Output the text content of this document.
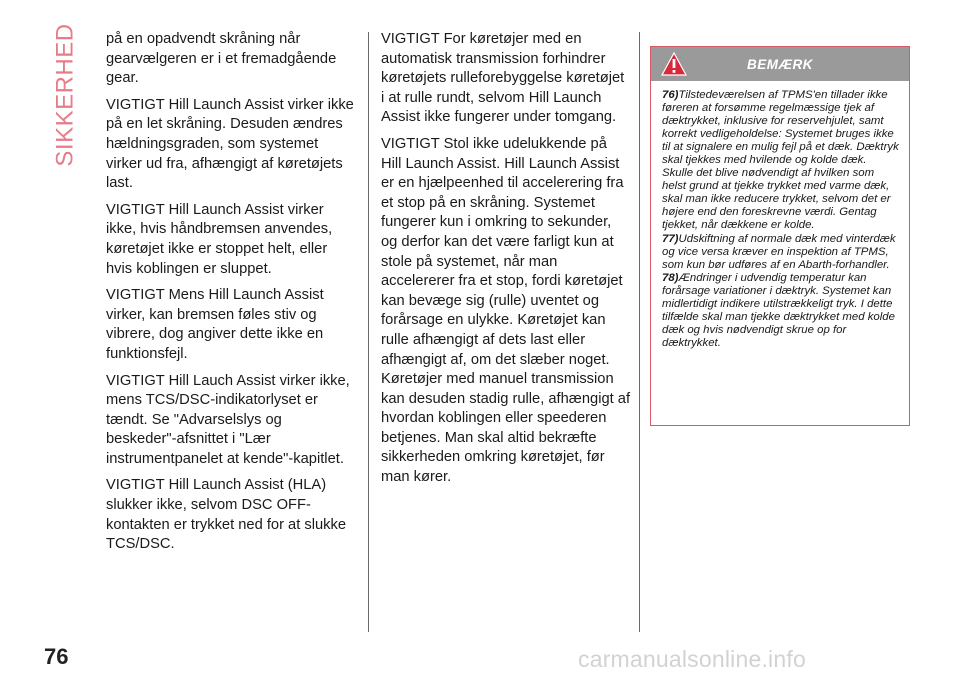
SIKKERHED på en opadvendt skråning når gearvælgeren er i et fremadgående gear.

VIGTIGT Hill Launch Assist virker ikke på en let skråning. Desuden ændres hældningsgraden, som systemet virker ud fra, afhængigt af køretøjets last.

VIGTIGT Hill Launch Assist virker ikke, hvis håndbremsen anvendes, køretøjet ikke er stoppet helt, eller hvis koblingen er sluppet.

VIGTIGT Mens Hill Launch Assist virker, kan bremsen føles stiv og vibrere, dog angiver dette ikke en funktionsfejl.

VIGTIGT Hill Lauch Assist virker ikke, mens TCS/DSC-indikatorlyset er tændt. Se "Advarselslys og beskeder"-afsnittet i "Lær instrumentpanelet at kende"-kapitlet.

VIGTIGT Hill Launch Assist (HLA) slukker ikke, selvom DSC OFF-kontakten er trykket ned for at slukke TCS/DSC.

VIGTIGT For køretøjer med en automatisk transmission forhindrer køretøjets rulleforebyggelse køretøjet i at rulle rundt, selvom Hill Launch Assist ikke fungerer under tomgang.

VIGTIGT Stol ikke udelukkende på Hill Launch Assist. Hill Launch Assist er en hjælpeenhed til accelerering fra et stop på en skråning. Systemet fungerer kun i omkring to sekunder, og derfor kan det være farligt kun at stole på systemet, når man accelererer fra et stop, fordi køretøjet kan bevæge sig (rulle) uventet og forårsage en ulykke. Køretøjet kan rulle afhængigt af dets last eller afhængigt af, om det slæber noget. Køretøjer med manuel transmission kan desuden stadig rulle, afhængigt af hvordan koblingen eller speederen betjenes. Man skal altid bekræfte sikkerheden omkring køretøjet, før man kører.

BEMÆRK

76)Tilstedeværelsen af TPMS'en tillader ikke føreren at forsømme regelmæssige tjek af dæktrykket, inklusive for reservehjulet, samt korrekt vedligeholdelse: Systemet bruges ikke til at signalere en mulig fejl på et dæk. Dæktryk skal tjekkes med hvilende og kolde dæk. Skulle det blive nødvendigt af hvilken som helst grund at tjekke trykket med varme dæk, skal man ikke reducere trykket, selvom det er højere end den foreskrevne værdi. Gentag tjekket, når dækkene er kolde.

77)Udskiftning af normale dæk med vinterdæk og vice versa kræver en inspektion af TPMS, som kun bør udføres af en Abarth-forhandler.

78)Ændringer i udvendig temperatur kan forårsage variationer i dæktryk. Systemet kan midlertidigt indikere utilstrækkeligt tryk. I dette tilfælde skal man tjekke dæktrykket med kolde dæk og hvis nødvendigt skrue op for dæktrykket.

76	carmanualsonline.info
